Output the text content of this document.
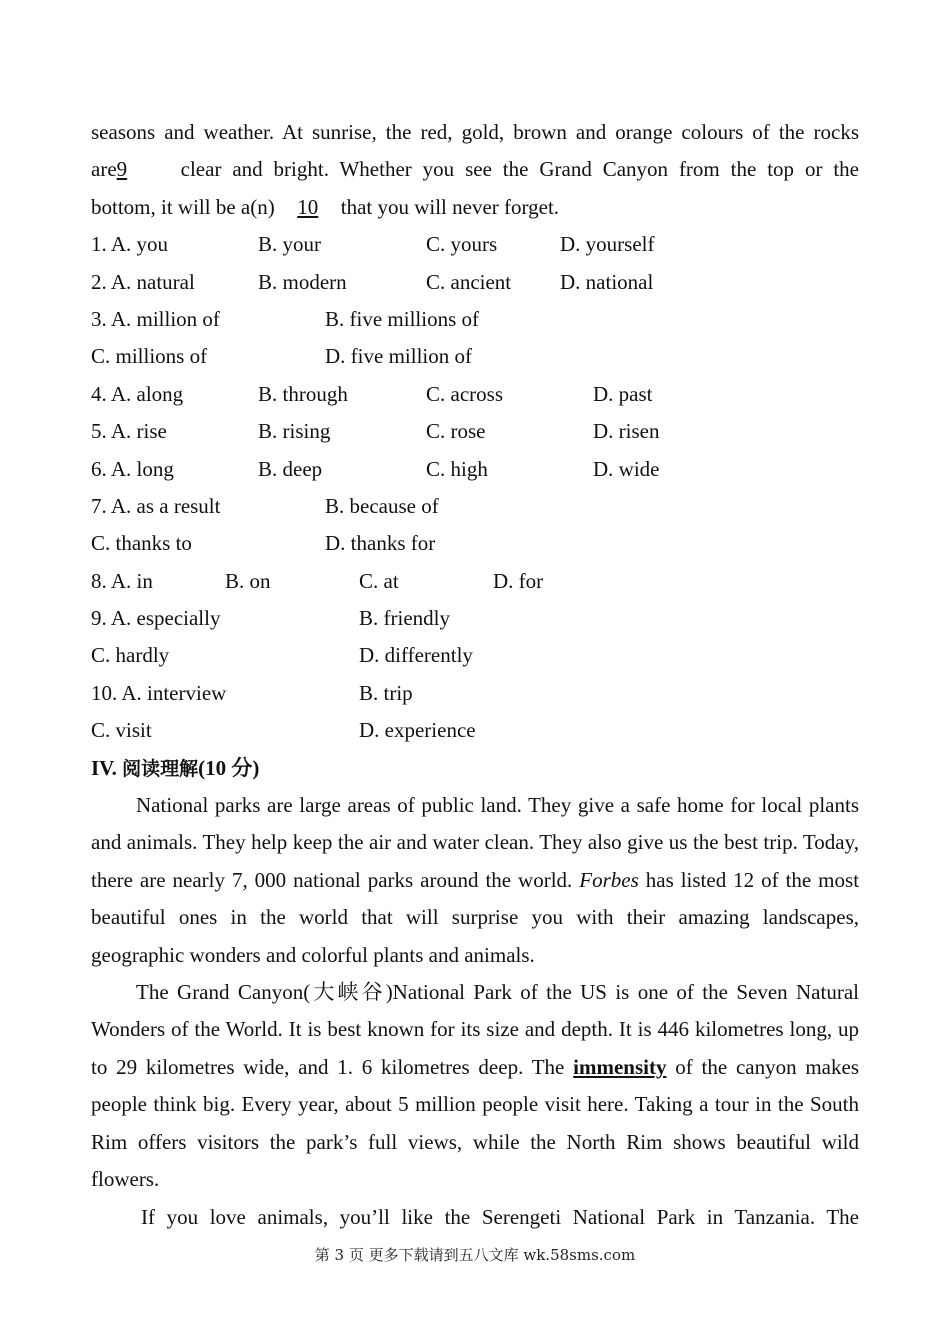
seasons and weather. At sunrise, the red, gold, brown and orange colours of the rocks
are9	clear and bright. Whether you see the Grand Canyon from the top or the
bottom, it will be a(n) 10 that you will never forget.
1. A. you	B. your	C. yours	D. yourself
2. A. natural	B. modern	C. ancient D. national
3. A. million of	B. five millions of
C. millions of	D. five million of
4. A. along	B. through	C. across	D. past
5. A. rise	B. rising	C. rose	D. risen
6. A. long	B. deep	C. high	D. wide
7. A. as a result	B. because of
C. thanks to	D. thanks for
8. A. in	B. on	C. at	D. for
9. A. especially	B. friendly
C. hardly	D. differently
10. A. interview	B. trip
C. visit	D. experience
IV. 阅读理解(10 分)
National parks are large areas of public land. They give a safe home for local plants and animals. They help keep the air and water clean. They also give us the best trip. Today, there are nearly 7, 000 national parks around the world. Forbes has listed 12 of the most beautiful ones in the world that will surprise you with their amazing landscapes, geographic wonders and colorful plants and animals.
The Grand Canyon(大峡谷)National Park of the US is one of the Seven Natural Wonders of the World. It is best known for its size and depth. It is 446 kilometres long, up to 29 kilometres wide, and 1. 6 kilometres deep. The immensity of the canyon makes people think big. Every year, about 5 million people visit here. Taking a tour in the South Rim offers visitors the park’s full views, while the North Rim shows beautiful wild flowers.
If you love animals, you’ll like the Serengeti National Park in Tanzania. The
第 3 页 更多下载请到五八文库 wk.58sms.com
